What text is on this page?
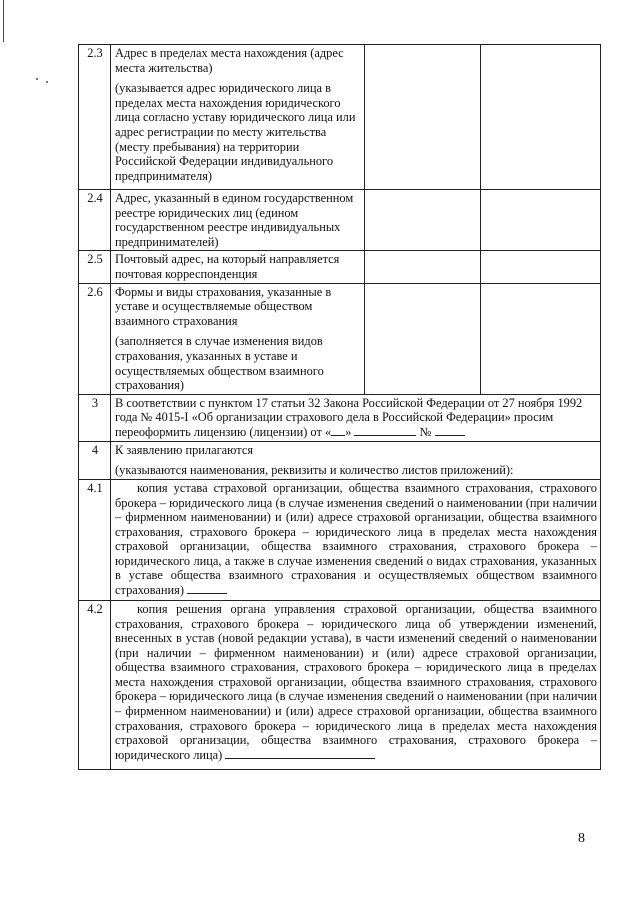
2.3	Адрес в пределах места нахождения (адрес места жительства)

(указывается адрес юридического лица в пределах места нахождения юридического лица согласно уставу юридического лица или адрес регистрации по месту жительства (месту пребывания) на территории Российской Федерации индивидуального предпринимателя)		

2.4	Адрес, указанный в едином государственном реестре юридических лиц (едином государственном реестре индивидуальных предпринимателей)		

2.5	Почтовый адрес, на который направляется почтовая корреспонденция		

2.6	Формы и виды страхования, указанные в уставе и осуществляемые обществом взаимного страхования

(заполняется в случае изменения видов страхования, указанных в уставе и осуществляемых обществом взаимного страхования)		

3	В соответствии с пунктом 17 статьи 32 Закона Российской Федерации от 27 ноября 1992 года № 4015-I «Об организации страхового дела в Российской Федерации» просим переоформить лицензию (лицензии) от « » №		
4	К заявлению прилагаются

(указываются наименования, реквизиты и количество листов приложений):		

4.1	копия устава страховой организации, общества взаимного страхования, страхового брокера – юридического лица (в случае изменения сведений о наименовании (при наличии – фирменном наименовании) и (или) адресе страховой организации, общества взаимного страхования, страхового брокера – юридического лица в пределах места нахождения страховой организации, общества взаимного страхования, страхового брокера – юридического лица, а также в случае изменения сведений о видах страхования, указанных в уставе общества взаимного страхования и осуществляемых обществом взаимного страхования)		
4.2	копия решения органа управления страховой организации, общества взаимного страхования, страхового брокера – юридического лица об утверждении изменений, внесенных в устав (новой редакции устава), в части изменений сведений о наименовании (при наличии – фирменном наименовании) и (или) адресе страховой организации, общества взаимного страхования, страхового брокера – юридического лица в пределах места нахождения страховой организации, общества взаимного страхования, страхового брокера – юридического лица (в случае изменения сведений о наименовании (при наличии – фирменном наименовании) и (или) адресе страховой организации, общества взаимного страхования, страхового брокера – юридического лица в пределах места нахождения страховой организации, общества взаимного страхования, страхового брокера – юридического лица)		
8
